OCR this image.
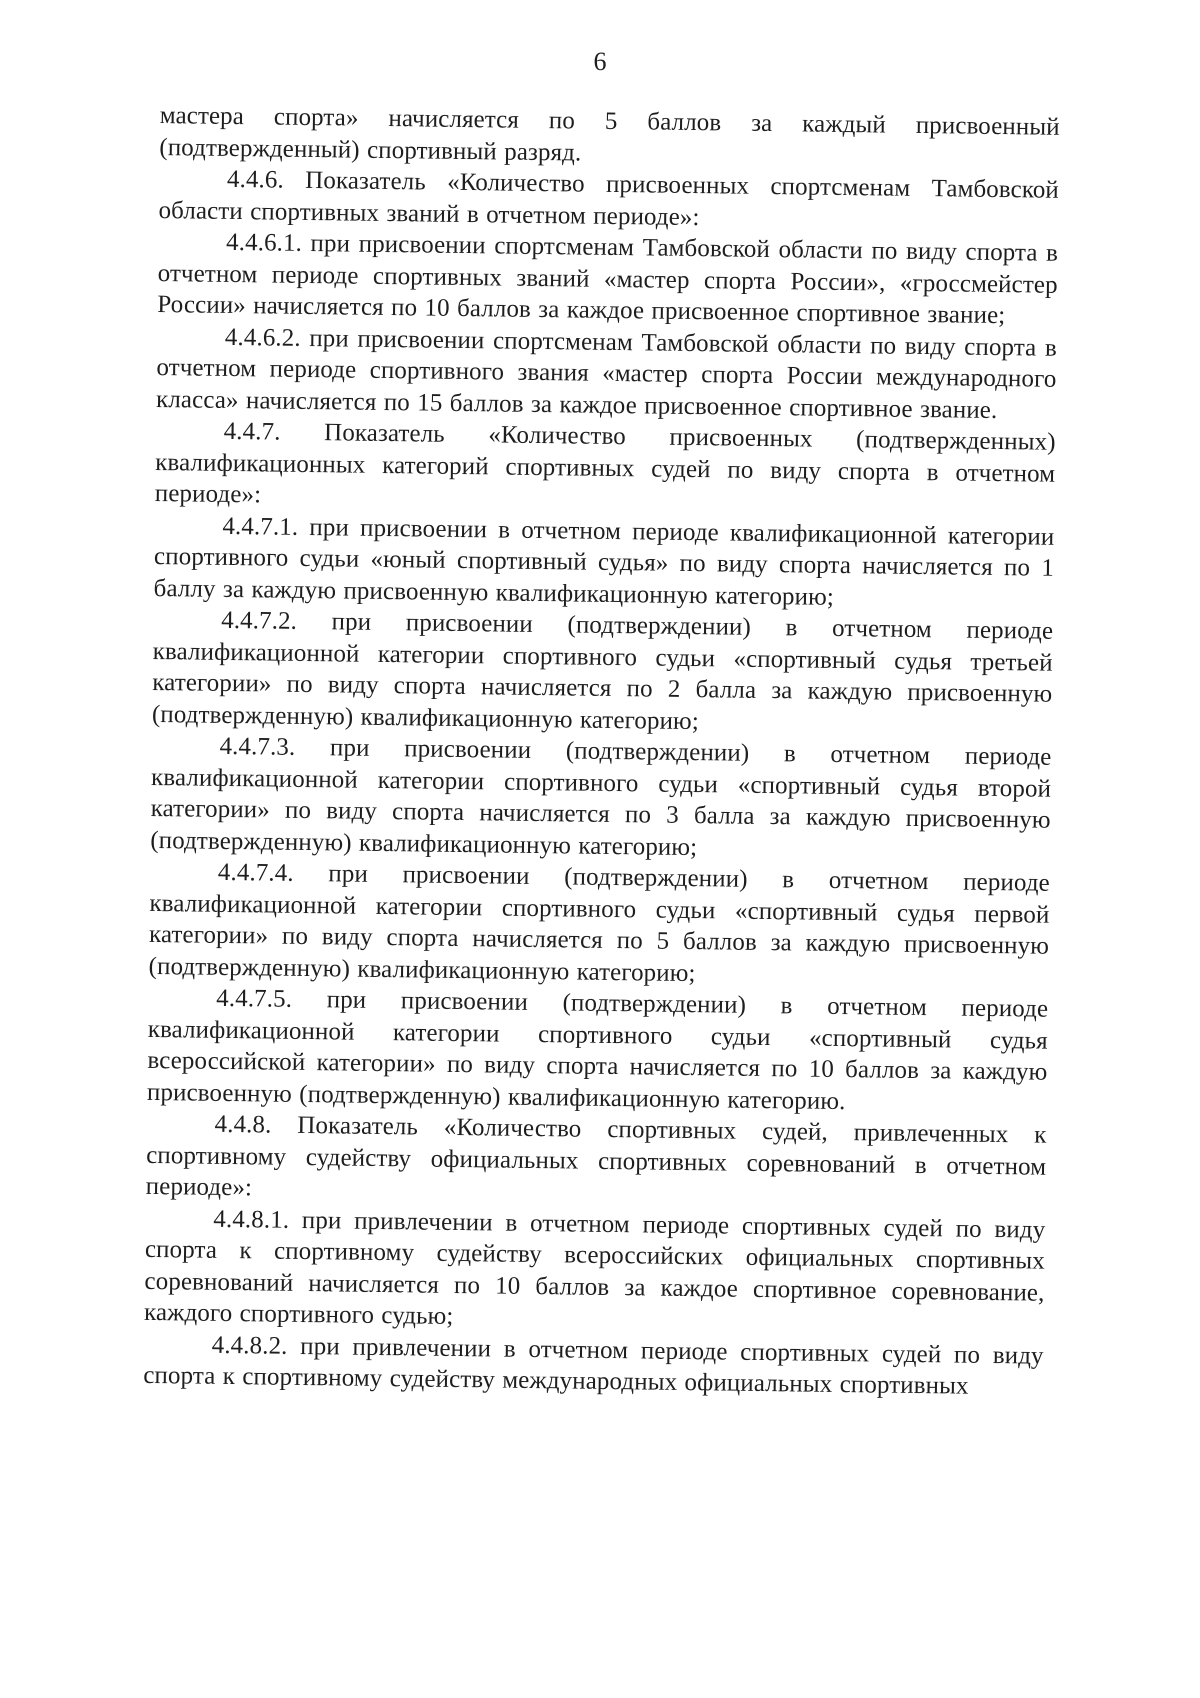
6

мастера спорта» начисляется по 5 баллов за каждый присвоенный (подтвержденный) спортивный разряд.

4.4.6. Показатель «Количество присвоенных спортсменам Тамбовской области спортивных званий в отчетном периоде»:

4.4.6.1. при присвоении спортсменам Тамбовской области по виду спорта в отчетном периоде спортивных званий «мастер спорта России», «гроссмейстер России» начисляется по 10 баллов за каждое присвоенное спортивное звание;

4.4.6.2. при присвоении спортсменам Тамбовской области по виду спорта в отчетном периоде спортивного звания «мастер спорта России международного класса» начисляется по 15 баллов за каждое присвоенное спортивное звание.

4.4.7. Показатель «Количество присвоенных (подтвержденных) квалификационных категорий спортивных судей по виду спорта в отчетном периоде»:

4.4.7.1. при присвоении в отчетном периоде квалификационной категории спортивного судьи «юный спортивный судья» по виду спорта начисляется по 1 баллу за каждую присвоенную квалификационную категорию;

4.4.7.2. при присвоении (подтверждении) в отчетном периоде квалификационной категории спортивного судьи «спортивный судья третьей категории» по виду спорта начисляется по 2 балла за каждую присвоенную (подтвержденную) квалификационную категорию;

4.4.7.3. при присвоении (подтверждении) в отчетном периоде квалификационной категории спортивного судьи «спортивный судья второй категории» по виду спорта начисляется по 3 балла за каждую присвоенную (подтвержденную) квалификационную категорию;

4.4.7.4. при присвоении (подтверждении) в отчетном периоде квалификационной категории спортивного судьи «спортивный судья первой категории» по виду спорта начисляется по 5 баллов за каждую присвоенную (подтвержденную) квалификационную категорию;

4.4.7.5. при присвоении (подтверждении) в отчетном периоде квалификационной категории спортивного судьи «спортивный судья всероссийской категории» по виду спорта начисляется по 10 баллов за каждую присвоенную (подтвержденную) квалификационную категорию.

4.4.8. Показатель «Количество спортивных судей, привлеченных к спортивному судейству официальных спортивных соревнований в отчетном периоде»:

4.4.8.1. при привлечении в отчетном периоде спортивных судей по виду спорта к спортивному судейству всероссийских официальных спортивных соревнований начисляется по 10 баллов за каждое спортивное соревнование, каждого спортивного судью;

4.4.8.2. при привлечении в отчетном периоде спортивных судей по виду спорта к спортивному судейству международных официальных спортивных
